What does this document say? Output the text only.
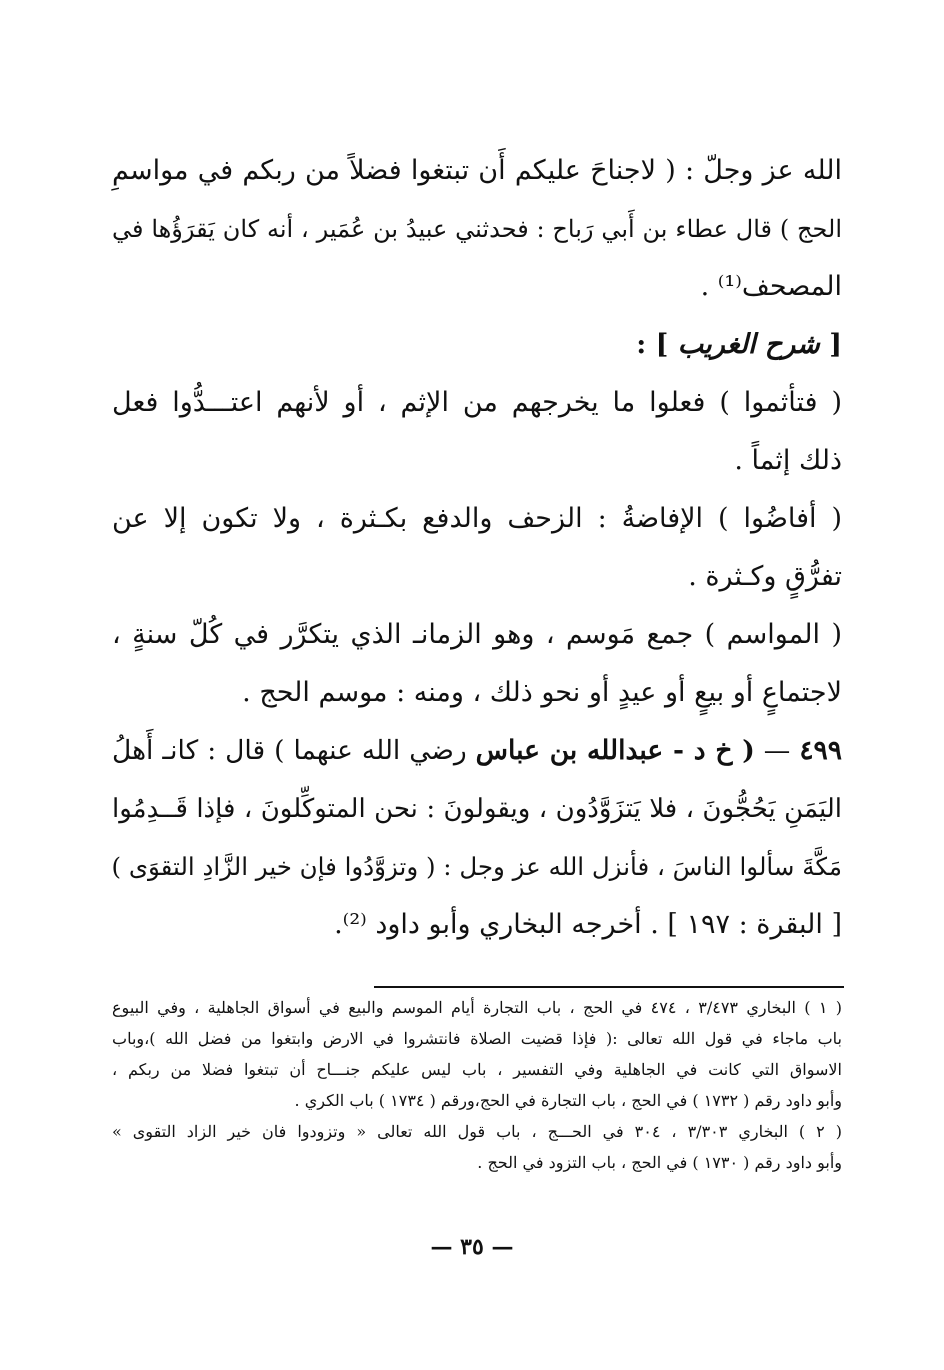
الله عز وجلّ : ( لاجناحَ عليكم أَن تبتغوا فضلاً من ربكم في مواسمِ
الحج ) قال عطاء بن أَبي رَباح : فحدثني عبيدُ بن عُمَير ، أنه كان يَقرَؤُها في
المصحف⁽¹⁾ .
[ شرح الغريب ] :
( فتأثموا ) فعلوا ما يخرجهم من الإثم ، أو لأنهم اعتـــدُّوا فعل
ذلك إثماً .
( أفاضُوا ) الإفاضةُ : الزحف والدفع بكـثرة ، ولا تكون إلا عن
تفرُّقٍ وكـثرة .
( المواسم ) جمع مَوسم ، وهو الزمانـ الذي يتكرَّر في كُلّ سنةٍ ،
لاجتماعٍ أو بيعٍ أو عيدٍ أو نحو ذلك ، ومنه : موسم الحج .
٤٩٩ — ( خ د - عبدالله بن عباس رضي الله عنهما ) قال : كانـ أَهلُ
اليَمَنِ يَحُجُّونَ ، فلا يَتزَوَّدُون ، ويقولونَ : نحن المتوكِّلونَ ، فإذا قَــدِمُوا
مَكَّةَ سألوا الناسَ ، فأنزل الله عز وجل : ( وتزوَّدُوا فإن خير الزَّادِ التقوَى )
[ البقرة : ١٩٧ ] . أخرجه البخاري وأبو داود ⁽²⁾.
( ١ ) البخاري ٣/٤٧٣ ، ٤٧٤ في الحج ، باب التجارة أيام الموسم والبيع في أسواق الجاهلية ، وفي البيوع
باب ماجاء في قول الله تعالى :( فإذا قضيت الصلاة فانتشروا في الارض وابتغوا من فضل الله )،وباب
الاسواق التي كانت في الجاهلية وفي التفسير ، باب ليس عليكم جنـــاح أن تبتغوا فضلا من ربكم ،
وأبو داود رقم ( ١٧٣٢ ) في الحج ، باب التجارة في الحج،ورقم ( ١٧٣٤ ) باب الكري .
( ٢ ) البخاري ٣/٣٠٣ ، ٣٠٤ في الحـــج ، باب قول الله تعالى « وتزودوا فان خير الزاد التقوى »
وأبو داود رقم ( ١٧٣٠ ) في الحج ، باب التزود في الحج .
— ٣٥ —
